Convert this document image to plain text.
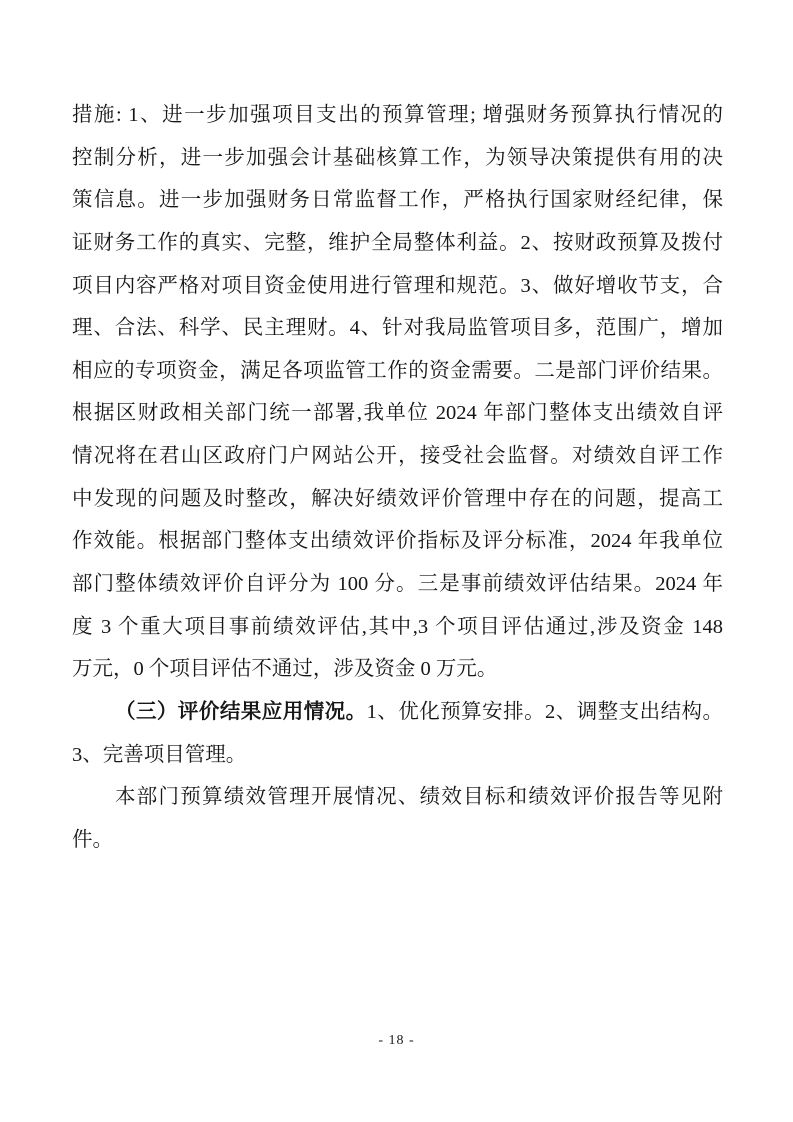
措施: 1、进一步加强项目支出的预算管理; 增强财务预算执行情况的
控制分析，进一步加强会计基础核算工作，为领导决策提供有用的决
策信息。进一步加强财务日常监督工作，严格执行国家财经纪律，保
证财务工作的真实、完整，维护全局整体利益。2、按财政预算及拨付
项目内容严格对项目资金使用进行管理和规范。3、做好增收节支，合
理、合法、科学、民主理财。4、针对我局监管项目多，范围广，增加
相应的专项资金，满足各项监管工作的资金需要。二是部门评价结果。
根据区财政相关部门统一部署,我单位 2024 年部门整体支出绩效自评
情况将在君山区政府门户网站公开，接受社会监督。对绩效自评工作
中发现的问题及时整改，解决好绩效评价管理中存在的问题，提高工
作效能。根据部门整体支出绩效评价指标及评分标准，2024 年我单位
部门整体绩效评价自评分为 100 分。三是事前绩效评估结果。2024 年
度 3 个重大项目事前绩效评估,其中,3 个项目评估通过,涉及资金 148
万元，0 个项目评估不通过，涉及资金 0 万元。
（三）评价结果应用情况。1、优化预算安排。2、调整支出结构。
3、完善项目管理。
本部门预算绩效管理开展情况、绩效目标和绩效评价报告等见附
件。
- 18 -
